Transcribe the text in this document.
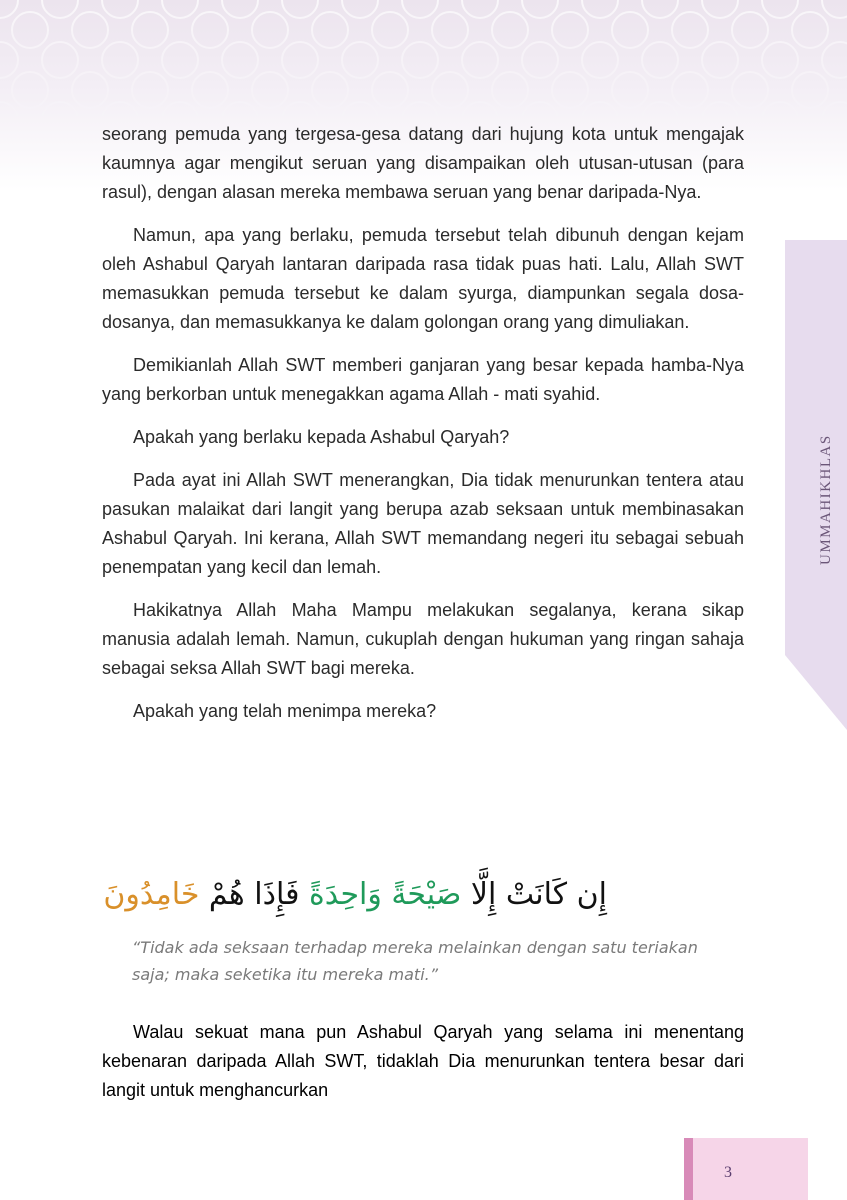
UMMAHIKHLAS

seorang pemuda yang tergesa-gesa datang dari hujung kota untuk mengajak kaumnya agar mengikut seruan yang disampaikan oleh utusan-utusan (para rasul), dengan alasan mereka membawa seruan yang benar daripada-Nya.

Namun, apa yang berlaku, pemuda tersebut telah dibunuh dengan kejam oleh Ashabul Qaryah lantaran daripada rasa tidak puas hati. Lalu, Allah SWT memasukkan pemuda tersebut ke dalam syurga, diampunkan segala dosa-dosanya, dan memasukkanya ke dalam golongan orang yang dimuliakan.

Demikianlah Allah SWT memberi ganjaran yang besar kepada hamba-Nya yang berkorban untuk menegakkan agama Allah - mati syahid.

Apakah yang berlaku kepada Ashabul Qaryah?

Pada ayat ini Allah SWT menerangkan, Dia tidak menurunkan tentera atau pasukan malaikat dari langit yang berupa azab seksaan untuk membinasakan Ashabul Qaryah. Ini kerana, Allah SWT memandang negeri itu sebagai sebuah penempatan yang kecil dan lemah.

Hakikatnya Allah Maha Mampu melakukan segalanya, kerana sikap manusia adalah lemah. Namun, cukuplah dengan hukuman yang ringan sahaja sebagai seksa Allah SWT bagi mereka.

Apakah yang telah menimpa mereka?

إِن كَانَتْ إِلَّا صَيْحَةً وَاحِدَةً فَإِذَا هُمْ خَامِدُونَ

“Tidak ada seksaan terhadap mereka melainkan dengan satu teriakan saja; maka seketika itu mereka mati.”

Walau sekuat mana pun Ashabul Qaryah yang selama ini menentang kebenaran daripada Allah SWT, tidaklah Dia menurunkan tentera besar dari langit untuk menghancurkan

3
